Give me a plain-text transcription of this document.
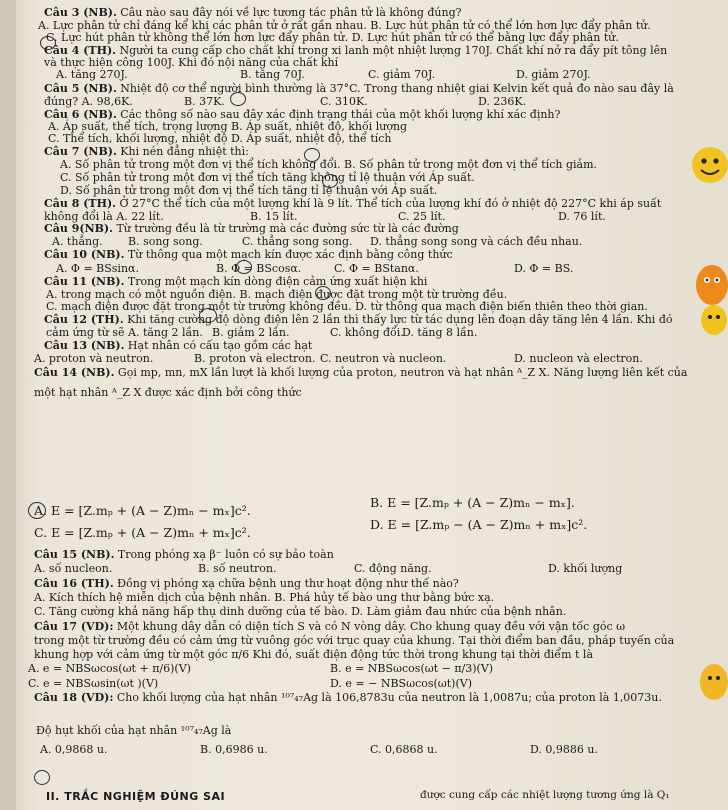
Câu 3 (NB). Câu nào sau đây nói về lực tương tác phân tử là không đúng?
A. Lực phân tử chỉ đáng kể khi các phân tử ở rất gần nhau. B. Lực hút phân tử có thể lớn hơn lực đẩy phân tử.
C. Lực hút phân tử không thể lớn hơn lực đẩy phân tử. D. Lực hút phân tử có thể bằng lực đẩy phân tử.
Câu 4 (TH). Người ta cung cấp cho chất khí trong xi lanh một nhiệt lượng 170J. Chất khí nở ra đẩy pít tông lên
và thực hiện công 100J. Khi đó nội năng của chất khí
A. tăng 270J.	B. tăng 70J.	C. giảm 70J.	D. giảm 270J.
Câu 5 (NB). Nhiệt độ cơ thể người bình thường là 37°C. Trong thang nhiệt giai Kelvin kết quả đo nào sau đây là
đúng? A. 98,6K.	B. 37K.	C. 310K.	D. 236K.
Câu 6 (NB). Các thông số nào sau đây xác định trạng thái của một khối lượng khí xác định?
A. Áp suất, thể tích, trọng lượng B. Áp suất, nhiệt độ, khối lượng
C. Thể tích, khối lượng, nhiệt độ D. Áp suất, nhiệt độ, thể tích
Câu 7 (NB). Khi nén đẳng nhiệt thì:
A. Số phân tử trong một đơn vị thể tích không đổi. B. Số phân tử trong một đơn vị thể tích giảm.
C. Số phân tử trong một đơn vị thể tích tăng không tỉ lệ thuận với Áp suất.
D. Số phân tử trong một đơn vị thể tích tăng tỉ lệ thuận với Áp suất.
Câu 8 (TH). Ở 27°C thể tích của một lượng khí là 9 lít. Thể tích của lượng khí đó ở nhiệt độ 227°C khi áp suất
không đổi là A. 22 lít.	B. 15 lít.	C. 25 lít.	D. 76 lít.
Câu 9(NB). Từ trường đều là từ trường mà các đường sức từ là các đường
A. thẳng. B. song song.	C. thẳng song song. D. thẳng song song và cách đều nhau.
Câu 10 (NB). Từ thông qua một mạch kín được xác định bằng công thức
A. Φ = BSsinα.	B. Φ = BScosα.	C. Φ = BStanα.	D. Φ = BS.
Câu 11 (NB). Trong một mạch kín dòng điện cảm ứng xuất hiện khi
A. trong mạch có một nguồn điện. B. mạch điện được đặt trong một từ trường đều.
C. mạch điện được đặt trong một từ trường không đều. D. từ thông qua mạch điện biến thiên theo thời gian.
Câu 12 (TH). Khi tăng cường độ dòng điện lên 2 lần thì thấy lực từ tác dụng lên đoạn dây tăng lên 4 lần. Khi đó
cảm ứng từ sẽ A. tăng 2 lần. B. giảm 2 lần.	C. không đổi.
D. tăng 8 lần.
Câu 13 (NB). Hạt nhân có cấu tạo gồm các hạt
A. proton và neutron.	B. proton và electron. C. neutron và nucleon.	D. nucleon và electron.
Câu 14 (NB). Gọi mp, mn, mX lần lượt là khối lượng của proton, neutron và hạt nhân ᴬ_Z X. Năng lượng liên kết của
một hạt nhân ᴬ_Z X được xác định bởi công thức
A. E = [Z.mₚ + (A − Z)mₙ − mₓ]c².
B. E = [Z.mₚ + (A − Z)mₙ − mₓ].
C. E = [Z.mₚ + (A − Z)mₙ + mₓ]c².
D. E = [Z.mₚ − (A − Z)mₙ + mₓ]c².
Câu 15 (NB). Trong phóng xạ β⁻ luôn có sự bảo toàn
A. số nucleon.	B. số neutron.	C. động năng.	D. khối lượng
Câu 16 (TH). Đồng vị phóng xạ chữa bệnh ung thư hoạt động như thế nào?
A. Kích thích hệ miễn dịch của bệnh nhân. B. Phá hủy tế bào ung thư bằng bức xạ.
C. Tăng cường khả năng hấp thụ dinh dưỡng của tế bào. D. Làm giảm đau nhức của bệnh nhân.
Câu 17 (VD): Một khung dây dẫn có diện tích S và có N vòng dây. Cho khung quay đều với vận tốc góc ω
trong một từ trường đều có cảm ứng từ vuông góc với trục quay của khung. Tại thời điểm ban đầu, pháp tuyến của
khung hợp với cảm ứng từ một góc π/6 Khi đó, suất điện động tức thời trong khung tại thời điểm t là
A. e = NBSωcos(ωt + π/6)(V)	B. e = NBSωcos(ωt − π/3)(V)
C. e = NBSωsin(ωt )(V)	D. e = − NBSωcos(ωt)(V)
Câu 18 (VD): Cho khối lượng của hạt nhân ¹⁰⁷₄₇Ag là 106,8783u của neutron là 1,0087u; của proton là 1,0073u.
Độ hụt khối của hạt nhân ¹⁰⁷₄₇Ag là
A. 0,9868 u.	B. 0,6986 u.	C. 0,6868 u.	D. 0,9886 u.
II. TRẮC NGHIỆM ĐÚNG SAI	được cung cấp các nhiệt lượng tương ứng là Q₁
